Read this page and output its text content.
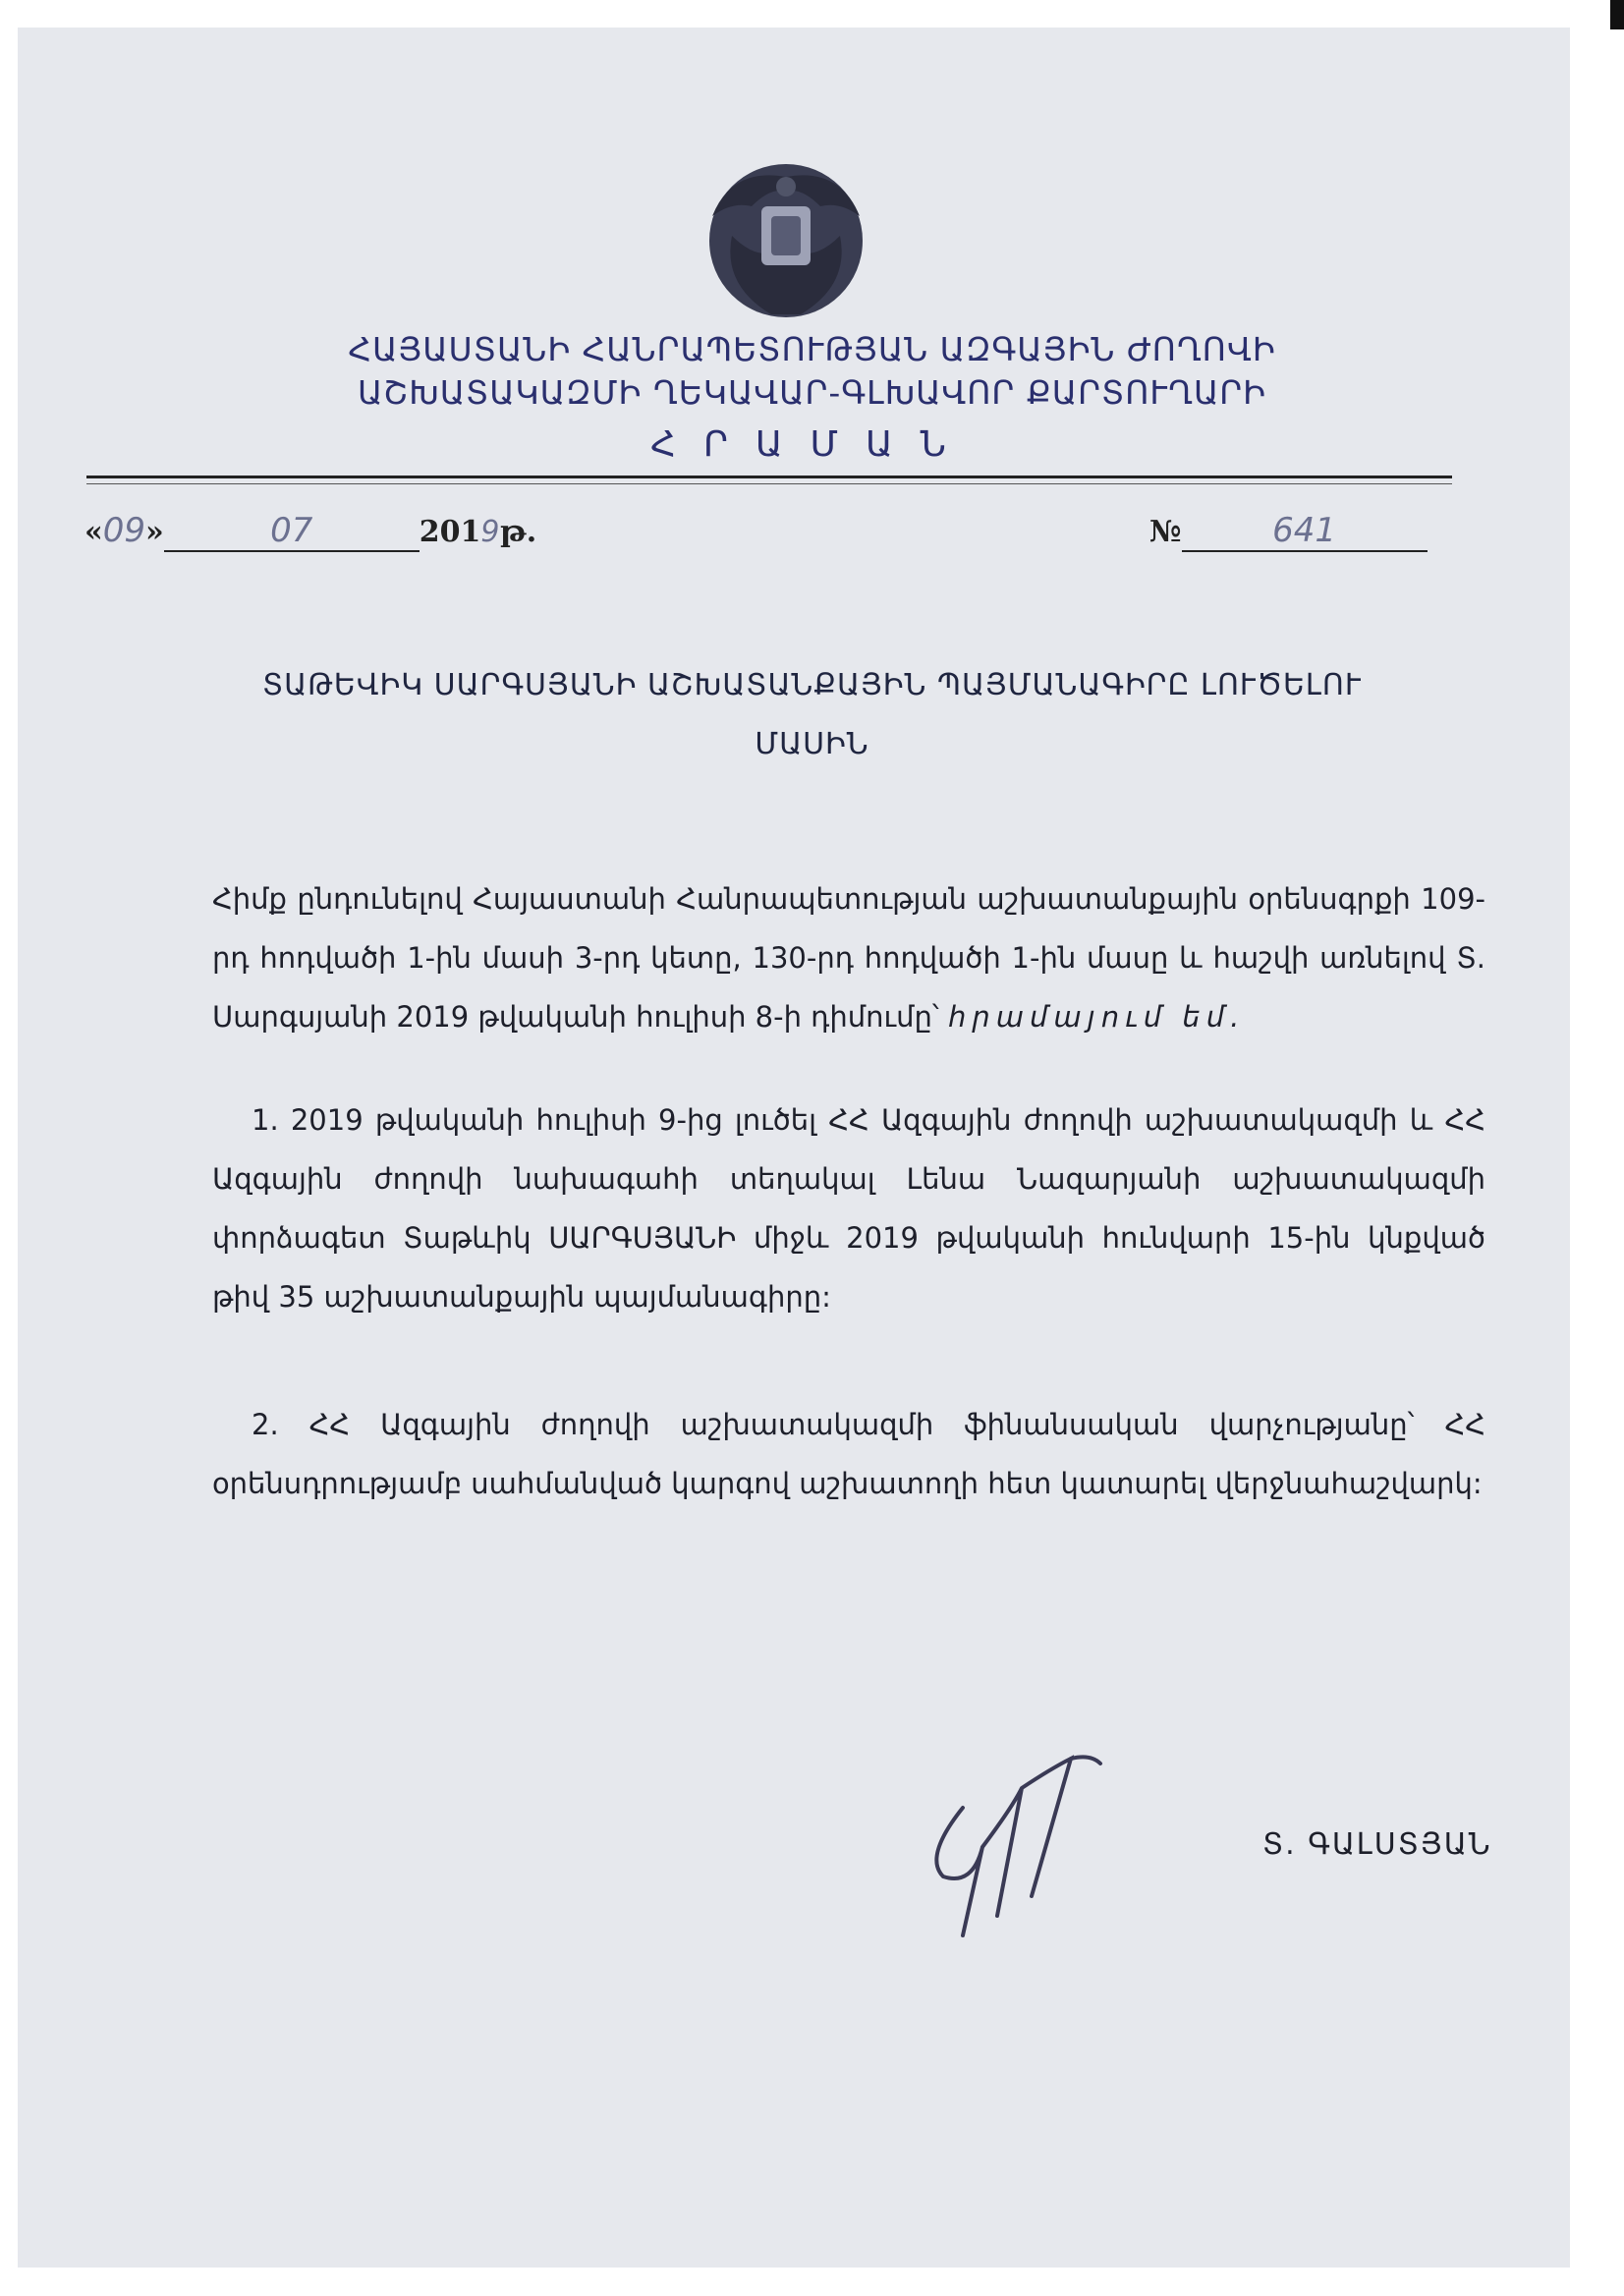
ՀԱՅԱՍՏԱՆԻ ՀԱՆՐԱՊԵՏՈՒԹՅԱՆ ԱԶԳԱՅԻՆ ԺՈՂՈՎԻ
ԱՇԽԱՏԱԿԱԶՄԻ ՂԵԿԱՎԱՐ-ԳԼԽԱՎՈՐ ՔԱՐՏՈՒՂԱՐԻ
ՀՐԱՄԱՆ
«09»	07	2019թ.	№	641
ՏԱԹԵՎԻԿ ՍԱՐԳՍՅԱՆԻ ԱՇԽԱՏԱՆՔԱՅԻՆ ՊԱՅՄԱՆԱԳԻՐԸ ԼՈՒԾԵԼՈՒ
ՄԱՍԻՆ
Հիմք ընդունելով Հայաստանի Հանրապետության աշխատանքային օրենսգրքի 109-րդ հոդվածի 1-ին մասի 3-րդ կետը, 130-րդ հոդվածի 1-ին մասը և հաշվի առնելով Տ. Սարգսյանի 2019 թվականի հուլիսի 8-ի դիմումը՝ հրամայում եմ.
1. 2019 թվականի հուլիսի 9-ից լուծել ՀՀ Ազգային ժողովի աշխատակազմի և ՀՀ Ազգային ժողովի նախագահի տեղակալ Լենա Նազարյանի աշխատակազմի փորձագետ Տաթևիկ ՍԱՐԳՍՅԱՆԻ միջև 2019 թվականի հունվարի 15-ին կնքված թիվ 35 աշխատանքային պայմանագիրը:
2. ՀՀ Ազգային ժողովի աշխատակազմի ֆինանսական վարչությանը՝ ՀՀ օրենսդրությամբ սահմանված կարգով աշխատողի հետ կատարել վերջնահաշվարկ:
Տ. ԳԱԼՍՏՅԱՆ
